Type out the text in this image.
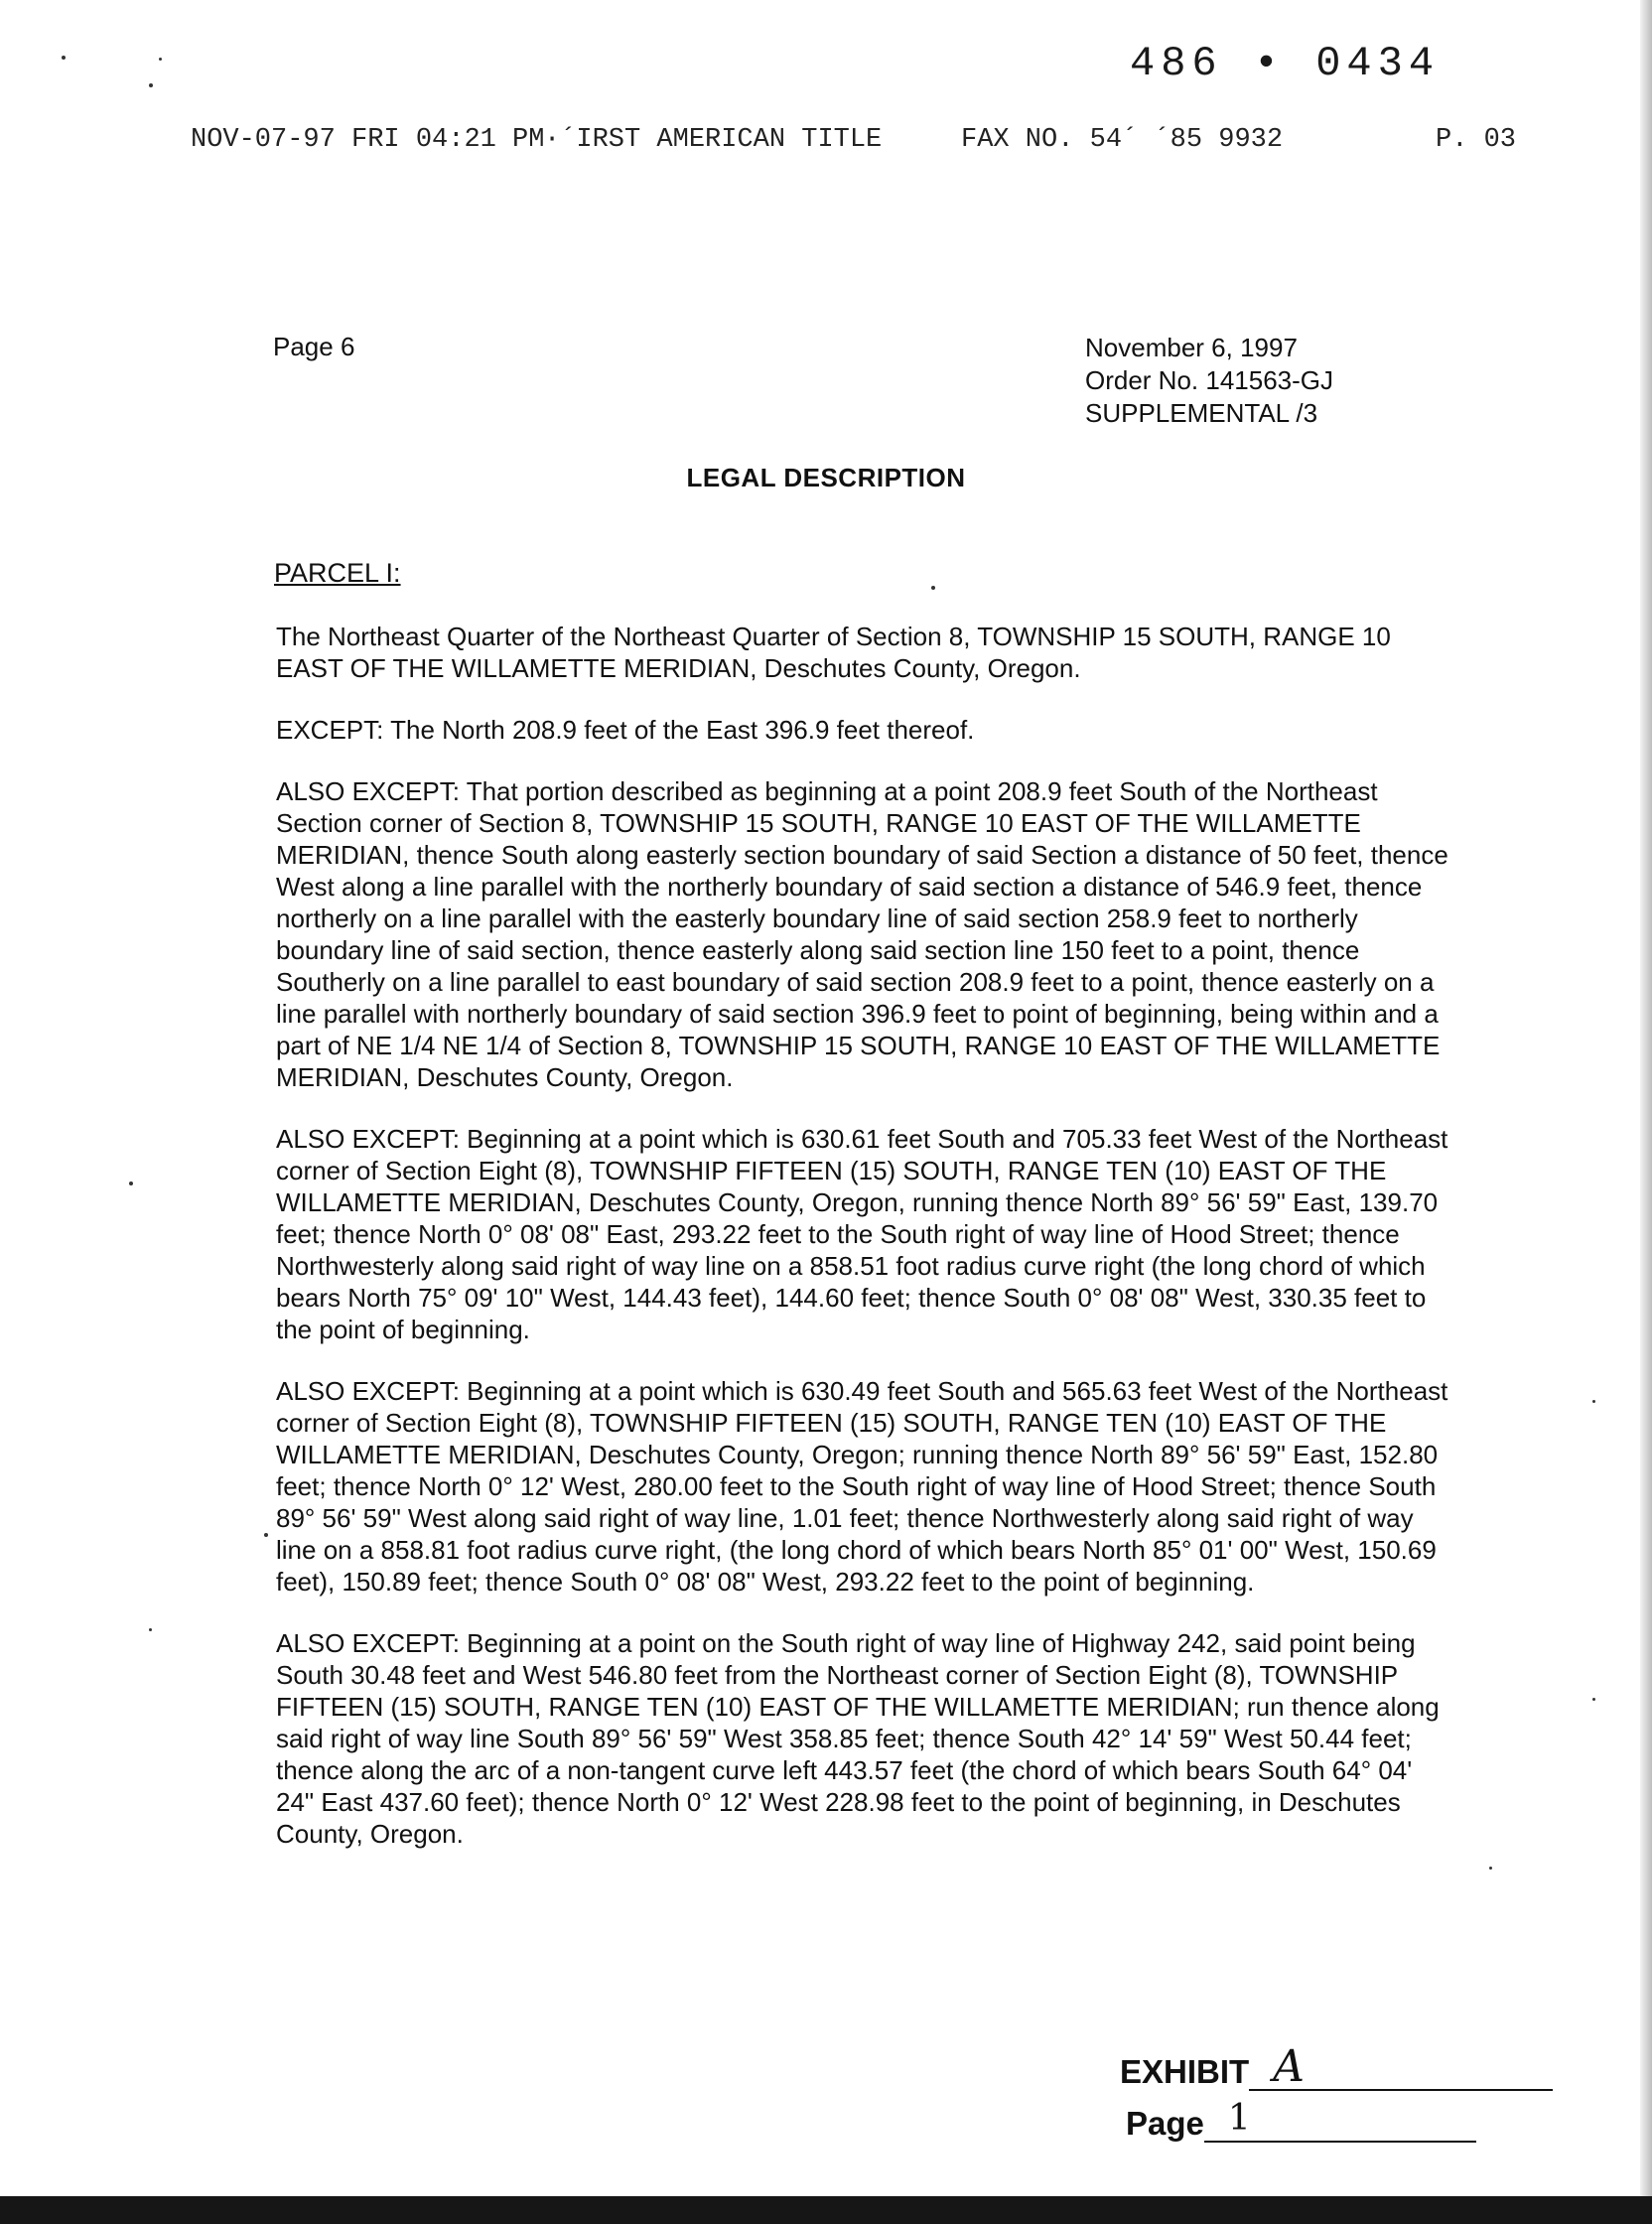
486 • 0434
NOV-07-97 FRI 04:21 PM ·´IRST AMERICAN TITLE	FAX NO. 54´ ´85 9932	P. 03
Page 6	November 6, 1997
Order No. 141563-GJ
SUPPLEMENTAL /3
LEGAL DESCRIPTION
PARCEL I:

The Northeast Quarter of the Northeast Quarter of Section 8, TOWNSHIP 15 SOUTH, RANGE 10 EAST OF THE WILLAMETTE MERIDIAN, Deschutes County, Oregon.

EXCEPT: The North 208.9 feet of the East 396.9 feet thereof.

ALSO EXCEPT: That portion described as beginning at a point 208.9 feet South of the Northeast Section corner of Section 8, TOWNSHIP 15 SOUTH, RANGE 10 EAST OF THE WILLAMETTE MERIDIAN, thence South along easterly section boundary of said Section a distance of 50 feet, thence West along a line parallel with the northerly boundary of said section a distance of 546.9 feet, thence northerly on a line parallel with the easterly boundary line of said section 258.9 feet to northerly boundary line of said section, thence easterly along said section line 150 feet to a point, thence Southerly on a line parallel to east boundary of said section 208.9 feet to a point, thence easterly on a line parallel with northerly boundary of said section 396.9 feet to point of beginning, being within and a part of NE 1/4 NE 1/4 of Section 8, TOWNSHIP 15 SOUTH, RANGE 10 EAST OF THE WILLAMETTE MERIDIAN, Deschutes County, Oregon.

ALSO EXCEPT: Beginning at a point which is 630.61 feet South and 705.33 feet West of the Northeast corner of Section Eight (8), TOWNSHIP FIFTEEN (15) SOUTH, RANGE TEN (10) EAST OF THE WILLAMETTE MERIDIAN, Deschutes County, Oregon, running thence North 89° 56' 59" East, 139.70 feet; thence North 0° 08' 08" East, 293.22 feet to the South right of way line of Hood Street; thence Northwesterly along said right of way line on a 858.51 foot radius curve right (the long chord of which bears North 75° 09' 10" West, 144.43 feet), 144.60 feet; thence South 0° 08' 08" West, 330.35 feet to the point of beginning.

ALSO EXCEPT: Beginning at a point which is 630.49 feet South and 565.63 feet West of the Northeast corner of Section Eight (8), TOWNSHIP FIFTEEN (15) SOUTH, RANGE TEN (10) EAST OF THE WILLAMETTE MERIDIAN, Deschutes County, Oregon; running thence North 89° 56' 59" East, 152.80 feet; thence North 0° 12' West, 280.00 feet to the South right of way line of Hood Street; thence South 89° 56' 59" West along said right of way line, 1.01 feet; thence Northwesterly along said right of way line on a 858.81 foot radius curve right, (the long chord of which bears North 85° 01' 00" West, 150.69 feet), 150.89 feet; thence South 0° 08' 08" West, 293.22 feet to the point of beginning.

ALSO EXCEPT: Beginning at a point on the South right of way line of Highway 242, said point being South 30.48 feet and West 546.80 feet from the Northeast corner of Section Eight (8), TOWNSHIP FIFTEEN (15) SOUTH, RANGE TEN (10) EAST OF THE WILLAMETTE MERIDIAN; run thence along said right of way line South 89° 56' 59" West 358.85 feet; thence South 42° 14' 59" West 50.44 feet; thence along the arc of a non-tangent curve left 443.57 feet (the chord of which bears South 64° 04' 24" East 437.60 feet); thence North 0° 12' West 228.98 feet to the point of beginning, in Deschutes County, Oregon.

EXHIBIT A
Page 1
